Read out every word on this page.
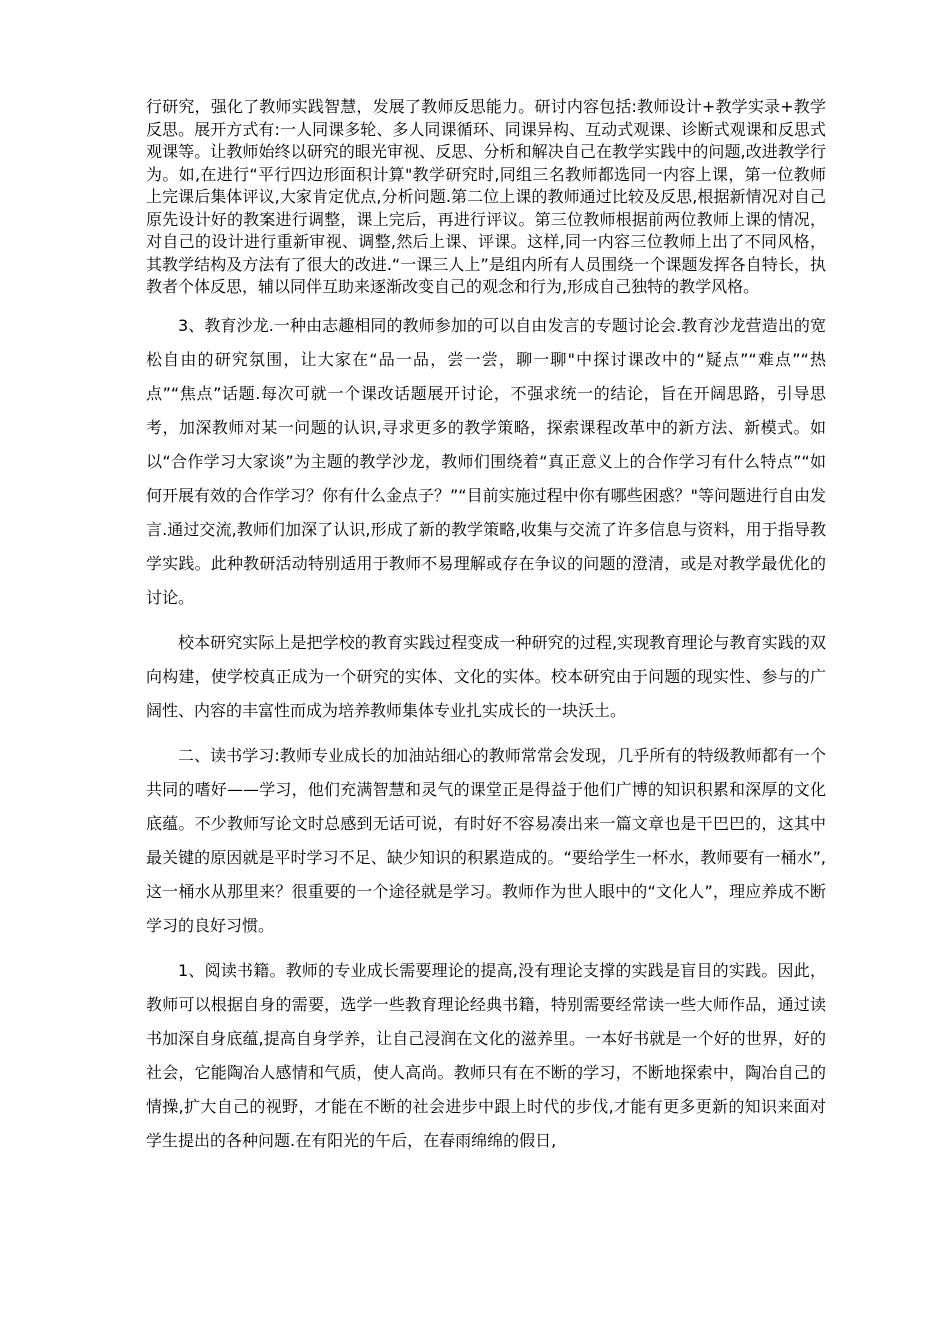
行研究，强化了教师实践智慧，发展了教师反思能力。研讨内容包括:教师设计+教学实录+教学反思。展开方式有:一人同课多轮、多人同课循环、同课异构、互动式观课、诊断式观课和反思式观课等。让教师始终以研究的眼光审视、反思、分析和解决自己在教学实践中的问题,改进教学行为。如,在进行“平行四边形面积计算"教学研究时,同组三名教师都选同一内容上课，第一位教师上完课后集体评议,大家肯定优点,分析问题.第二位上课的教师通过比较及反思,根据新情况对自己原先设计好的教案进行调整，课上完后，再进行评议。第三位教师根据前两位教师上课的情况，对自己的设计进行重新审视、调整,然后上课、评课。这样,同一内容三位教师上出了不同风格，其教学结构及方法有了很大的改进.“一课三人上”是组内所有人员围绕一个课题发挥各自特长，执教者个体反思，辅以同伴互助来逐渐改变自己的观念和行为,形成自己独特的教学风格。

3、教育沙龙.一种由志趣相同的教师参加的可以自由发言的专题讨论会.教育沙龙营造出的宽松自由的研究氛围，让大家在“品一品，尝一尝，聊一聊"中探讨课改中的“疑点”“难点”“热点”“焦点”话题.每次可就一个课改话题展开讨论，不强求统一的结论，旨在开阔思路，引导思考，加深教师对某一问题的认识,寻求更多的教学策略，探索课程改革中的新方法、新模式。如以“合作学习大家谈”为主题的教学沙龙，教师们围绕着“真正意义上的合作学习有什么特点”“如何开展有效的合作学习？你有什么金点子？”“目前实施过程中你有哪些困惑？"等问题进行自由发言.通过交流,教师们加深了认识,形成了新的教学策略,收集与交流了许多信息与资料，用于指导教学实践。此种教研活动特别适用于教师不易理解或存在争议的问题的澄清，或是对教学最优化的讨论。

校本研究实际上是把学校的教育实践过程变成一种研究的过程,实现教育理论与教育实践的双向构建，使学校真正成为一个研究的实体、文化的实体。校本研究由于问题的现实性、参与的广阔性、内容的丰富性而成为培养教师集体专业扎实成长的一块沃土。

二、读书学习:教师专业成长的加油站细心的教师常常会发现，几乎所有的特级教师都有一个共同的嗜好——学习，他们充满智慧和灵气的课堂正是得益于他们广博的知识积累和深厚的文化底蕴。不少教师写论文时总感到无话可说，有时好不容易凑出来一篇文章也是干巴巴的，这其中最关键的原因就是平时学习不足、缺少知识的积累造成的。“要给学生一杯水，教师要有一桶水”,这一桶水从那里来？很重要的一个途径就是学习。教师作为世人眼中的“文化人”，理应养成不断学习的良好习惯。

1、阅读书籍。教师的专业成长需要理论的提高,没有理论支撑的实践是盲目的实践。因此，教师可以根据自身的需要，选学一些教育理论经典书籍，特别需要经常读一些大师作品，通过读书加深自身底蕴,提高自身学养，让自己浸润在文化的滋养里。一本好书就是一个好的世界，好的社会，它能陶冶人感情和气质，使人高尚。教师只有在不断的学习，不断地探索中，陶冶自己的情操,扩大自己的视野，才能在不断的社会进步中跟上时代的步伐,才能有更多更新的知识来面对学生提出的各种问题.在有阳光的午后，在春雨绵绵的假日,
